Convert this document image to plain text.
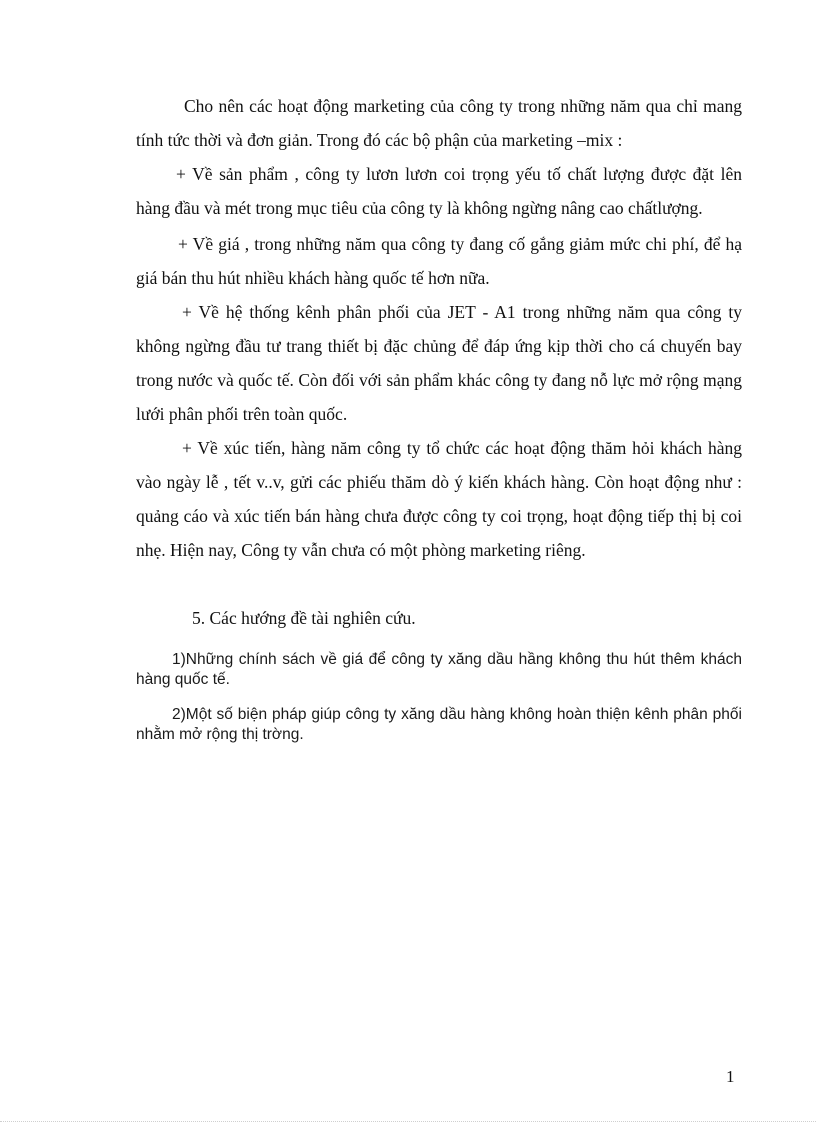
Cho nên các hoạt động marketing của công ty trong những năm qua chỉ mang tính tức thời và đơn giản. Trong đó các bộ phận của marketing –mix :

+ Về sản phẩm , công ty lươn lươn coi trọng yếu tố chất lượng được đặt lên hàng đầu và mét trong mục tiêu của công ty là không ngừng nâng cao chấtlượng.

+ Về giá , trong những năm qua công ty đang cố gắng giảm mức chi phí, để hạ giá bán thu hút nhiều khách hàng quốc tế hơn nữa.

+ Về hệ thống kênh phân phối của JET - A1 trong những năm qua công ty không ngừng đầu tư trang thiết bị đặc chủng để đáp ứng kịp thời cho cá chuyến bay trong nước và quốc tế. Còn đối với sản phẩm khác công ty đang nỗ lực mở rộng mạng lưới phân phối trên toàn quốc.

+ Về xúc tiến, hàng năm công ty tổ chức các hoạt động thăm hỏi khách hàng vào ngày lễ , tết v..v, gửi các phiếu thăm dò ý kiến khách hàng. Còn hoạt động như : quảng cáo và xúc tiến bán hàng chưa được công ty coi trọng, hoạt động tiếp thị bị coi nhẹ. Hiện nay, Công ty vẫn chưa có một phòng marketing riêng.

5. Các hướng đề tài nghiên cứu.

1)Những chính sách về giá để công ty xăng dầu hầng không thu hút thêm khách hàng quốc tế.

2)Một số biện pháp giúp công ty xăng dầu hàng không hoàn thiện kênh phân phối nhằm mở rộng thị trờng.

1
